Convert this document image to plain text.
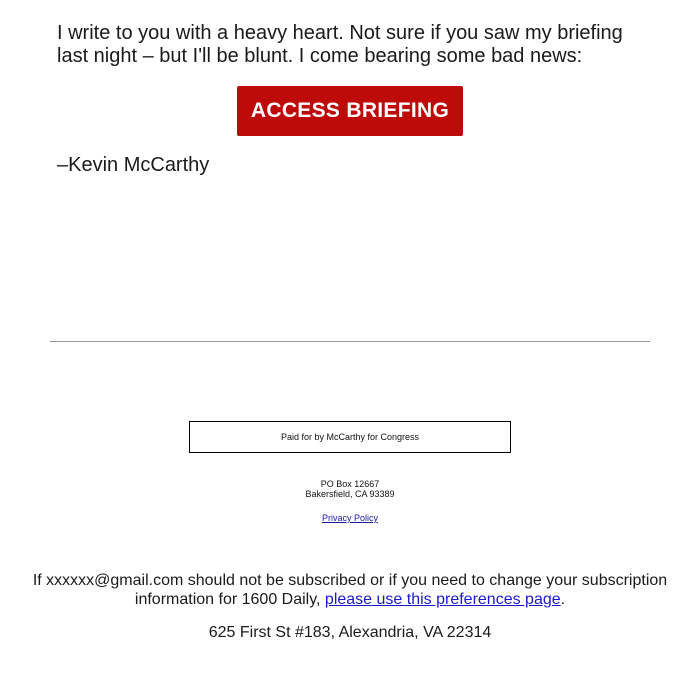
I write to you with a heavy heart. Not sure if you saw my briefing last night – but I'll be blunt. I come bearing some bad news:

ACCESS BRIEFING

–Kevin McCarthy

Paid for by McCarthy for Congress
PO Box 12667
Bakersfield, CA 93389
Privacy Policy
If xxxxxx@gmail.com should not be subscribed or if you need to change your subscription information for 1600 Daily, please use this preferences page.
625 First St #183, Alexandria, VA 22314
